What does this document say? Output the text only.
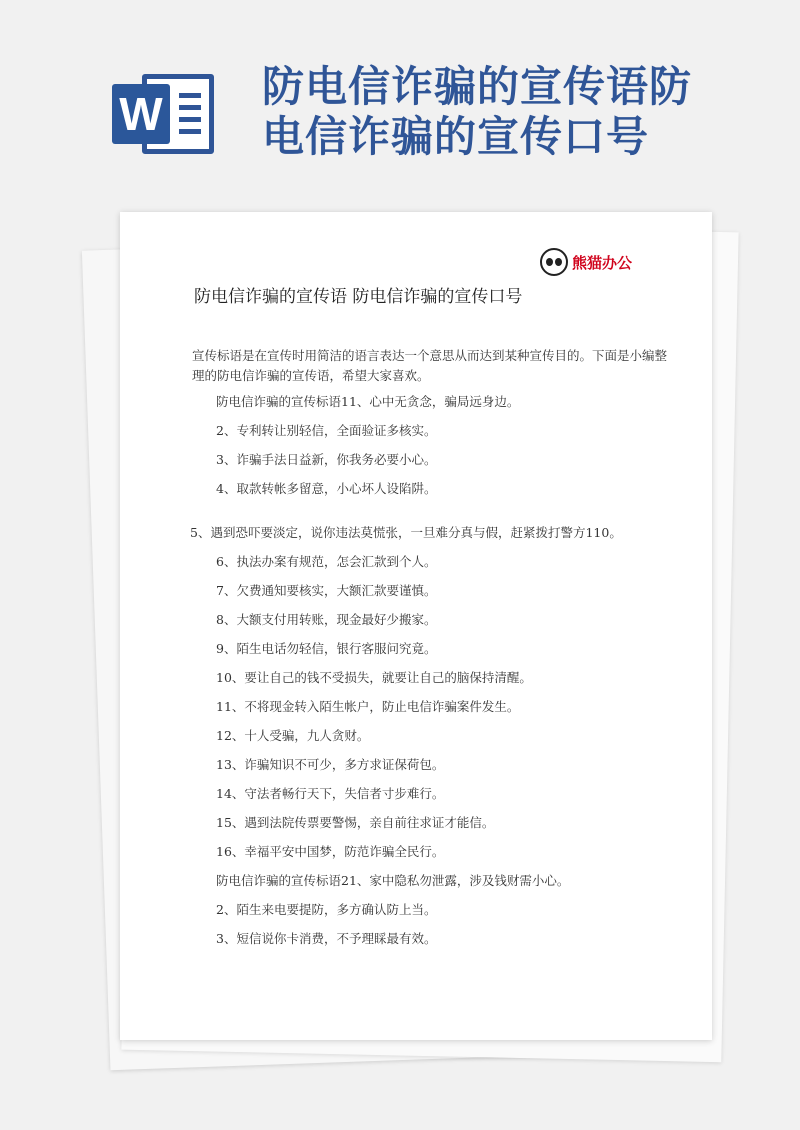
W
防电信诈骗的宣传语防电信诈骗的宣传口号
熊猫办公
防电信诈骗的宣传语 防电信诈骗的宣传口号
宣传标语是在宣传时用简洁的语言表达一个意思从而达到某种宣传目的。下面是小编整理的防电信诈骗的宣传语，希望大家喜欢。
防电信诈骗的宣传标语11、心中无贪念，骗局远身边。
2、专利转让别轻信，全面验证多核实。
3、诈骗手法日益新，你我务必要小心。
4、取款转帐多留意，小心坏人设陷阱。
5、遇到恐吓要淡定，说你违法莫慌张，一旦难分真与假，赶紧拨打警方110。
6、执法办案有规范，怎会汇款到个人。
7、欠费通知要核实，大额汇款要谨慎。
8、大额支付用转账，现金最好少搬家。
9、陌生电话勿轻信，银行客服问究竟。
10、要让自己的钱不受损失，就要让自己的脑保持清醒。
11、不将现金转入陌生帐户，防止电信诈骗案件发生。
12、十人受骗，九人贪财。
13、诈骗知识不可少，多方求证保荷包。
14、守法者畅行天下，失信者寸步难行。
15、遇到法院传票要警惕，亲自前往求证才能信。
16、幸福平安中国梦，防范诈骗全民行。
防电信诈骗的宣传标语21、家中隐私勿泄露，涉及钱财需小心。
2、陌生来电要提防，多方确认防上当。
3、短信说你卡消费，不予理睬最有效。
